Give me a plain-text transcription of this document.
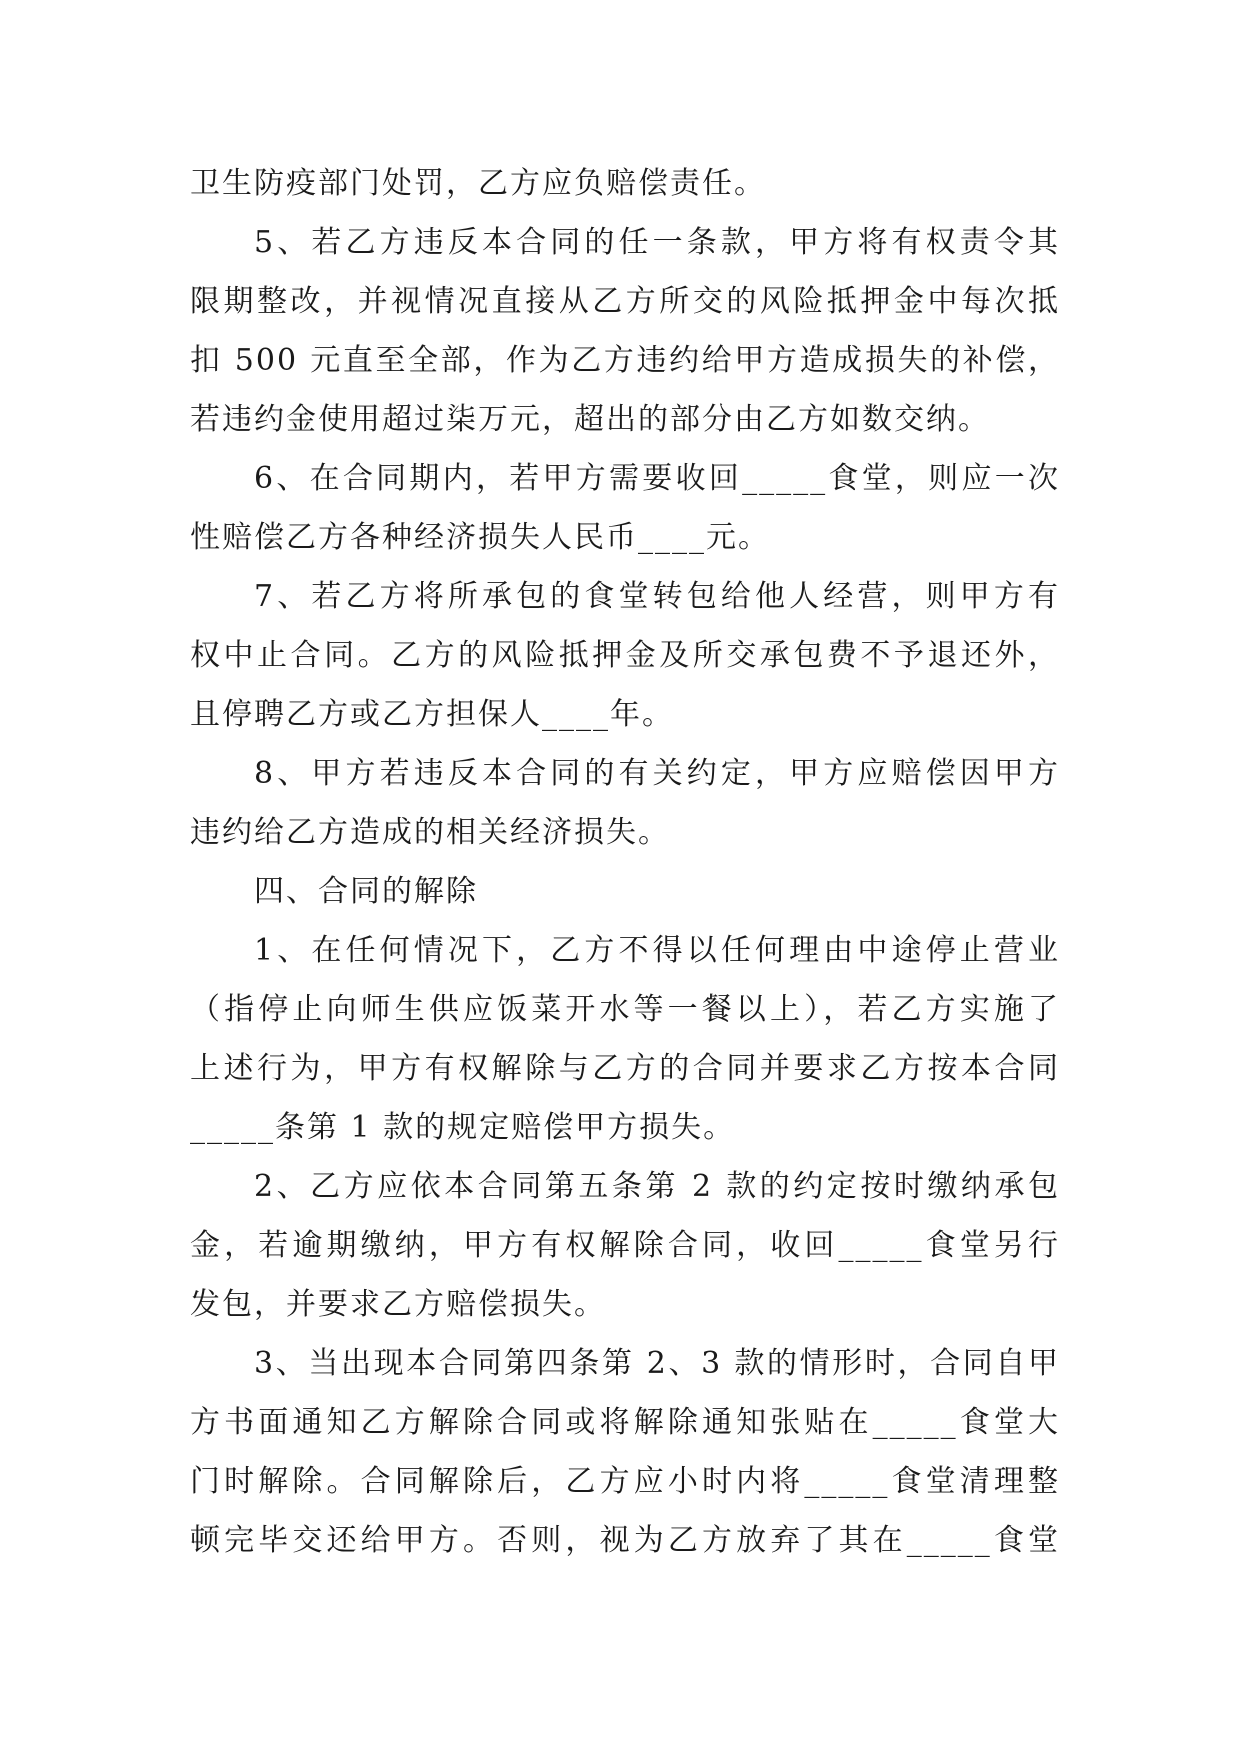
卫生防疫部门处罚，乙方应负赔偿责任。
5、若乙方违反本合同的任一条款，甲方将有权责令其
限期整改，并视情况直接从乙方所交的风险抵押金中每次抵
扣 500 元直至全部，作为乙方违约给甲方造成损失的补偿，
若违约金使用超过柒万元，超出的部分由乙方如数交纳。
6、在合同期内，若甲方需要收回_____食堂，则应一次
性赔偿乙方各种经济损失人民币____元。
7、若乙方将所承包的食堂转包给他人经营，则甲方有
权中止合同。乙方的风险抵押金及所交承包费不予退还外，
且停聘乙方或乙方担保人____年。
8、甲方若违反本合同的有关约定，甲方应赔偿因甲方
违约给乙方造成的相关经济损失。
四、合同的解除
1、在任何情况下，乙方不得以任何理由中途停止营业
（指停止向师生供应饭菜开水等一餐以上），若乙方实施了
上述行为，甲方有权解除与乙方的合同并要求乙方按本合同
_____条第 1 款的规定赔偿甲方损失。
2、乙方应依本合同第五条第 2 款的约定按时缴纳承包
金，若逾期缴纳，甲方有权解除合同，收回_____食堂另行
发包，并要求乙方赔偿损失。
3、当出现本合同第四条第 2、3 款的情形时，合同自甲
方书面通知乙方解除合同或将解除通知张贴在_____食堂大
门时解除。合同解除后，乙方应小时内将_____食堂清理整
顿完毕交还给甲方。否则，视为乙方放弃了其在_____食堂
